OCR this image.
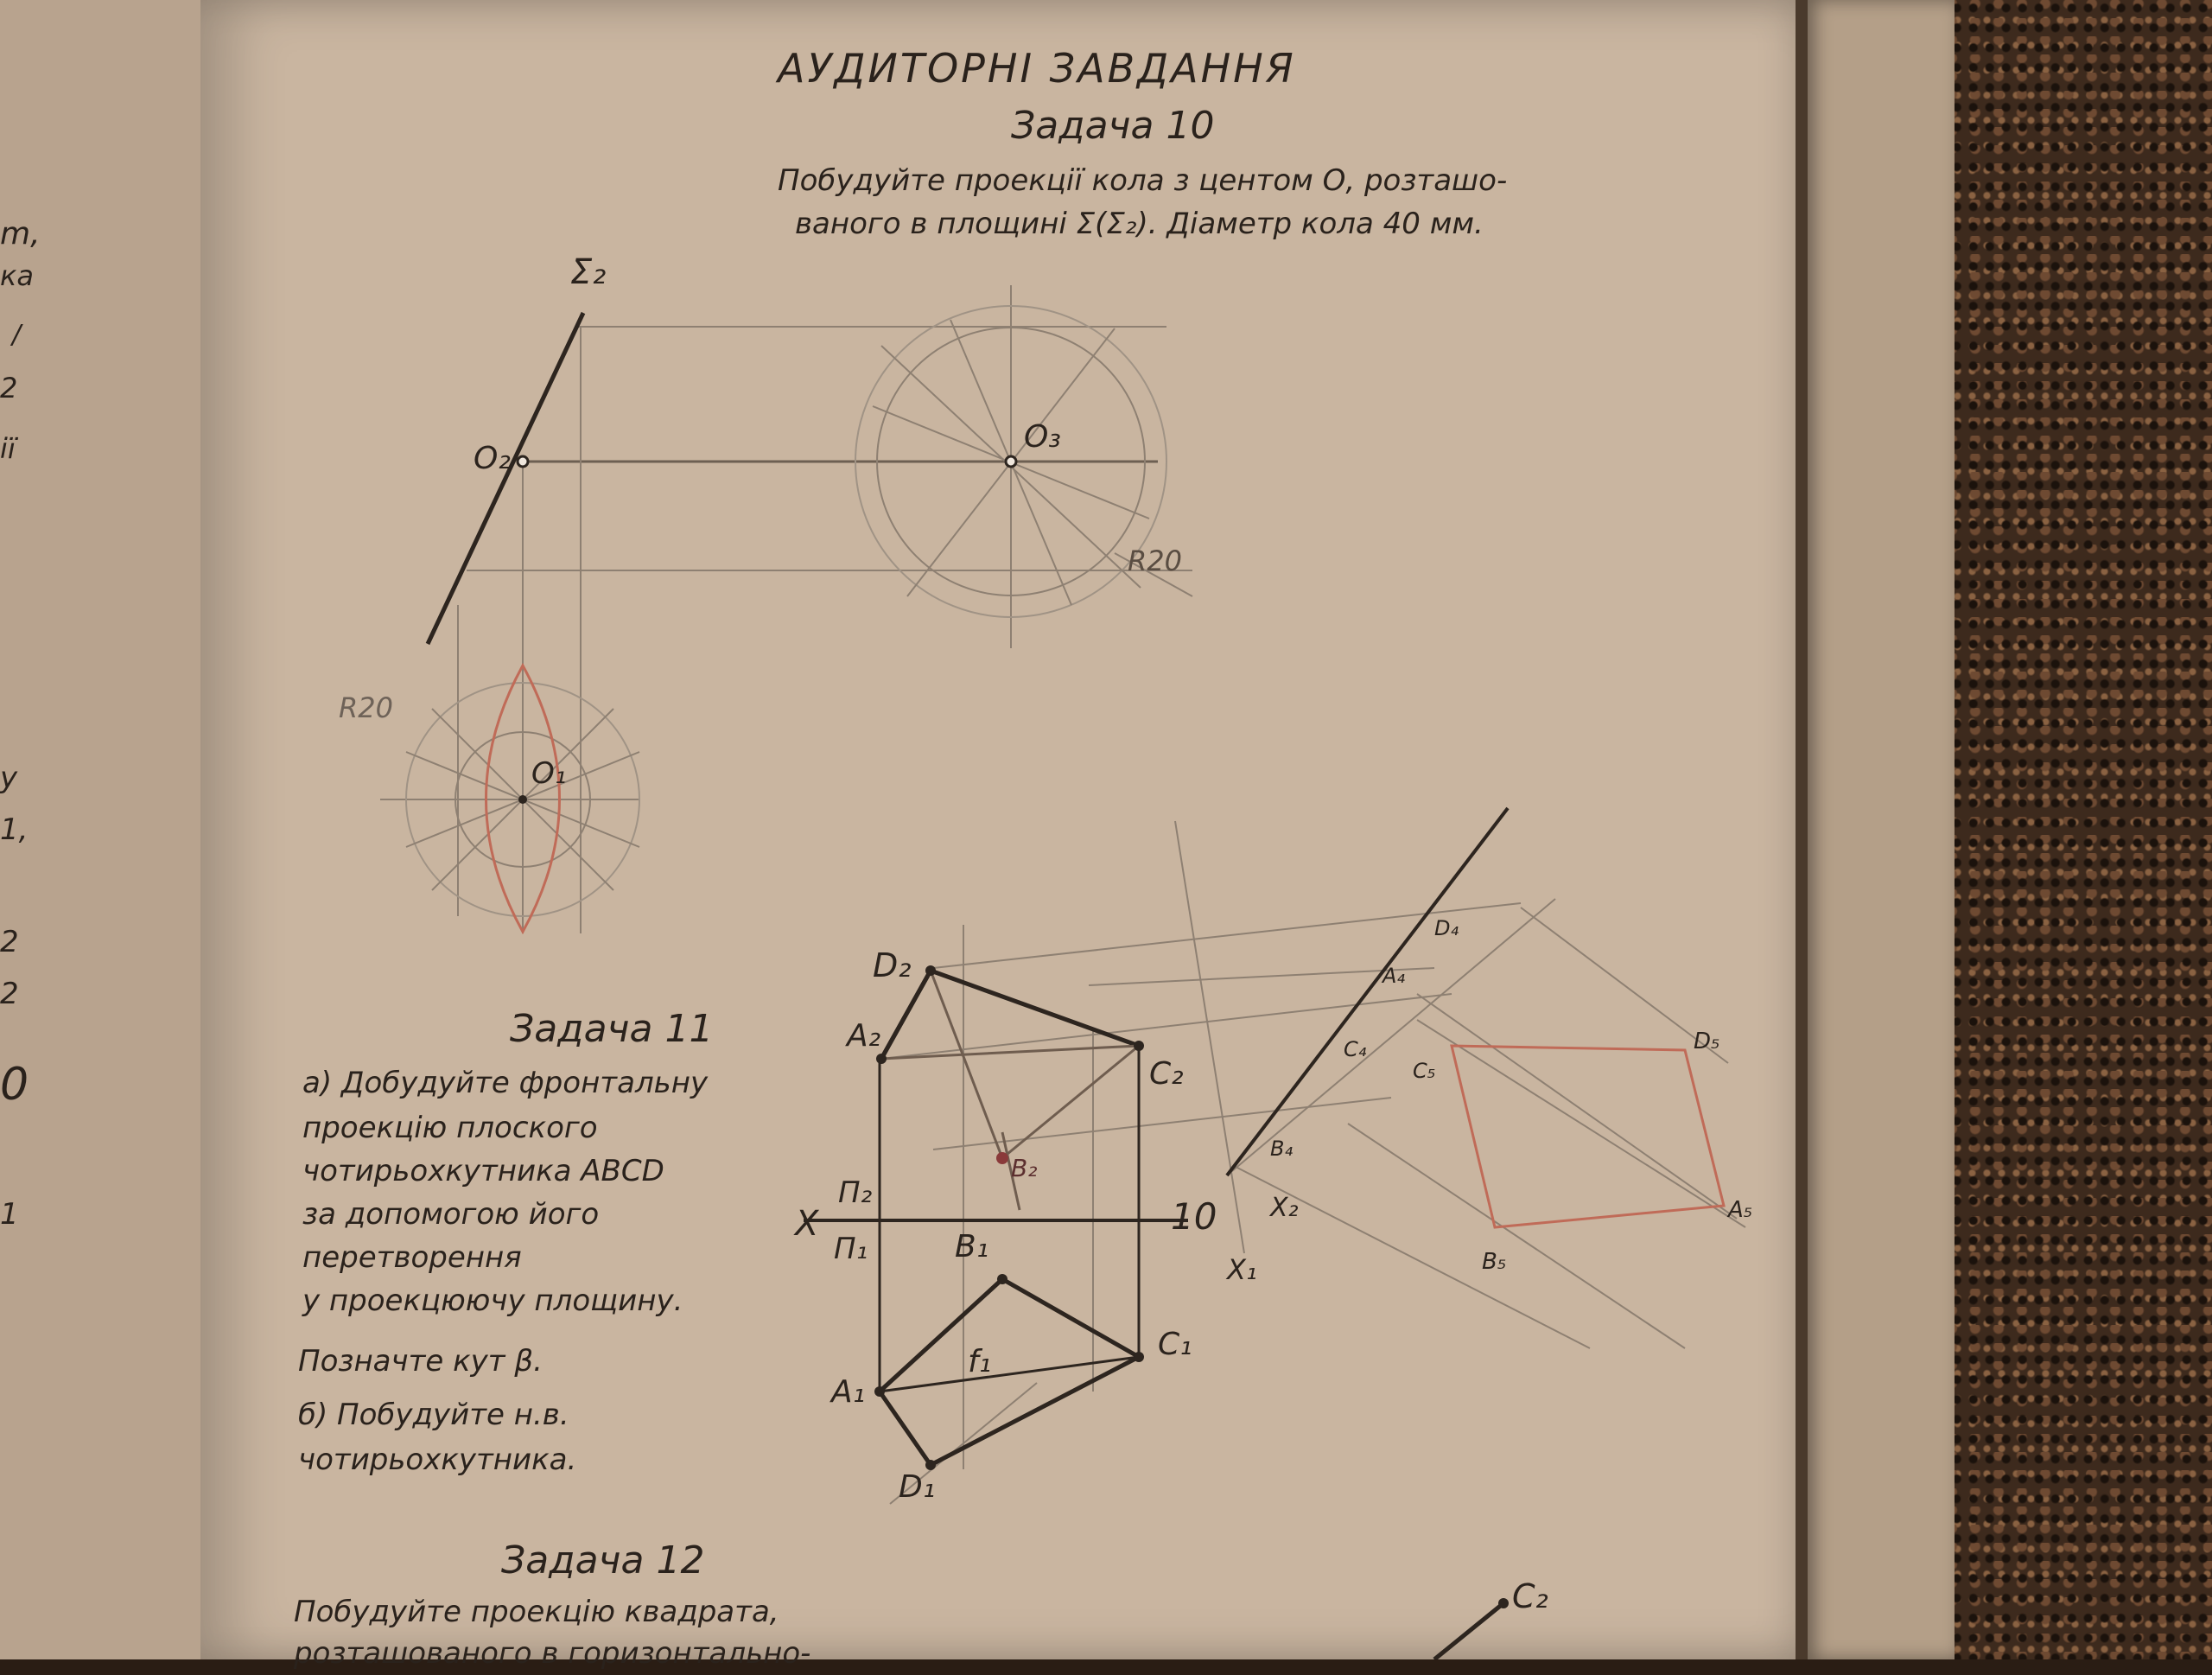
m,
ка
/
2
ії
y
1,
2
2
0
1
АУДИТОРНІ ЗАВДАННЯ
Задача 10
Побудуйте проекції кола з центом О, розташо-
ваного в площині Σ(Σ₂). Діаметр кола 40 мм.
Задача 11
а) Добудуйте фронтальну
проекцію плоского
чотирьохкутника АВСD
за допомогою його
перетворення
у проекцюючу площину.
Позначте кут β.
б) Побудуйте н.в.
чотирьохкутника.
Задача 12
Побудуйте проекцію квадрата,
розташованого в горизонтально-
Σ₂
O₂
O₃
O₁
R20
R20
D₂
A₂
C₂
B₂
X
П₂
П₁
10
B₁
C₁
A₁
D₁
f₁
D₄
A₄
C₄
B₄
C₅
D₅
A₅
B₅
X₁
X₂
C₂
